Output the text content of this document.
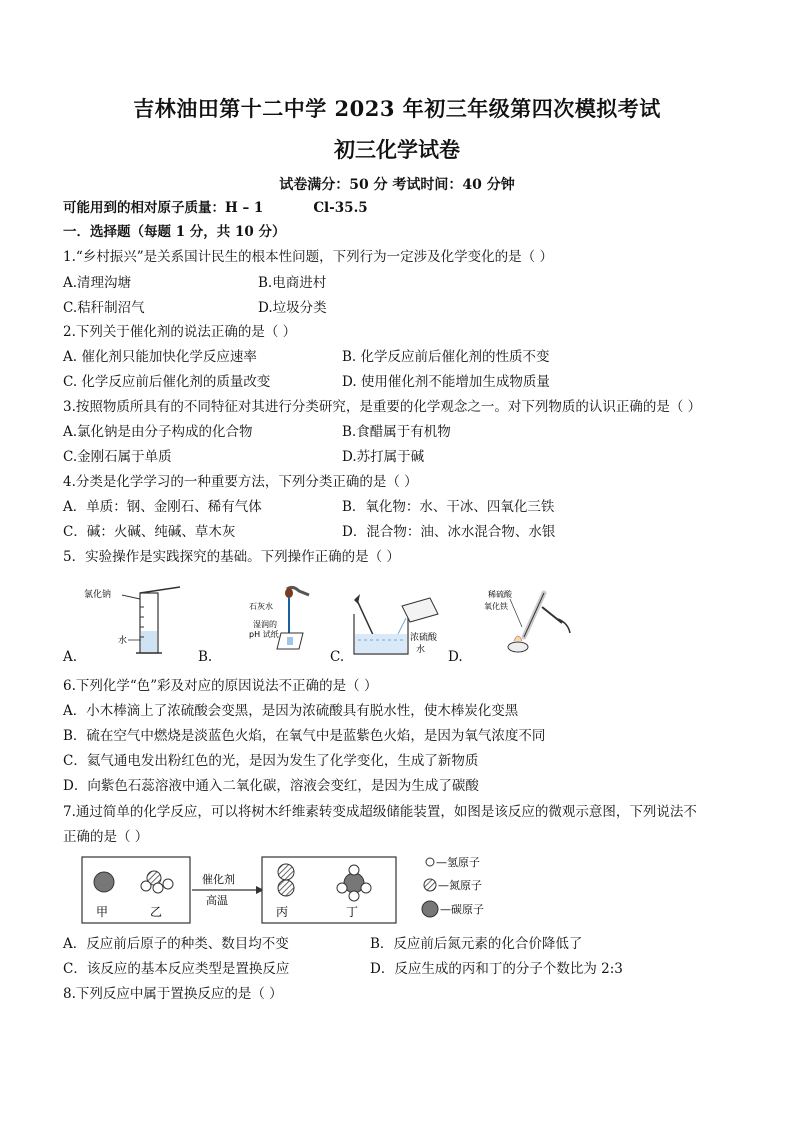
吉林油田第十二中学 2023 年初三年级第四次模拟考试
初三化学试卷
试卷满分：50 分 考试时间：40 分钟
可能用到的相对原子质量：H – 1	Cl-35.5
一．选择题（每题 1 分，共 10 分）
1.“乡村振兴”是关系国计民生的根本性问题，下列行为一定涉及化学变化的是（ ）
A.清理沟塘	B.电商进村
C.秸秆制沼气	D.垃圾分类
2.下列关于催化剂的说法正确的是（ ）
A. 催化剂只能加快化学反应速率	B. 化学反应前后催化剂的性质不变
C. 化学反应前后催化剂的质量改变	D. 使用催化剂不能增加生成物质量
3.按照物质所具有的不同特征对其进行分类研究，是重要的化学观念之一。对下列物质的认识正确的是（ ）
A.氯化钠是由分子构成的化合物	B.食醋属于有机物
C.金刚石属于单质	D.苏打属于碱
4.分类是化学学习的一种重要方法，下列分类正确的是（ ）
A．单质：钢、金刚石、稀有气体	B．氧化物：水、干冰、四氧化三铁
C．碱：火碱、纯碱、草木灰	D．混合物：油、冰水混合物、水银
5．实验操作是实践探究的基础。下列操作正确的是（ ）
氯化钠
水
A.
石灰水
湿润的
pH 试纸
B.
浓硫酸
水
C.
稀硫酸
氧化铁
D.
6.下列化学“色”彩及对应的原因说法不正确的是（ ）
A．小木棒滴上了浓硫酸会变黑，是因为浓硫酸具有脱水性，使木棒炭化变黑
B．硫在空气中燃烧是淡蓝色火焰，在氧气中是蓝紫色火焰，是因为氧气浓度不同
C．氦气通电发出粉红色的光，是因为发生了化学变化，生成了新物质
D．向紫色石蕊溶液中通入二氧化碳，溶液会变红，是因为生成了碳酸
7.通过简单的化学反应，可以将树木纤维素转变成超级储能装置，如图是该反应的微观示意图，下列说法不
正确的是（ ）
甲	乙
催化剂
高温
丙	丁
—氢原子
—氮原子
—碳原子
A．反应前后原子的种类、数目均不变	B．反应前后氮元素的化合价降低了
C．该反应的基本反应类型是置换反应	D．反应生成的丙和丁的分子个数比为 2:3
8.下列反应中属于置换反应的是（ ）
